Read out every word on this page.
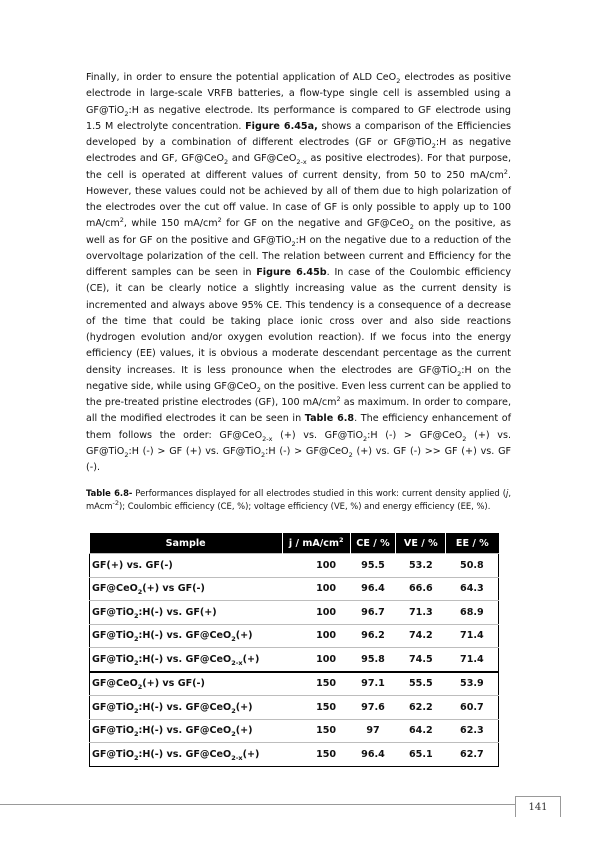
Finally, in order to ensure the potential application of ALD CeO$_2$ electrodes as positive electrode in large-scale VRFB batteries, a flow-type single cell is assembled using a GF@TiO$_2$:H as negative electrode. Its performance is compared to GF electrode using 1.5 M electrolyte concentration. Figure 6.45a, shows a comparison of the Efficiencies developed by a combination of different electrodes (GF or GF@TiO$_2$:H as negative electrodes and GF, GF@CeO$_2$ and GF@CeO$_{2-x}$ as positive electrodes). For that purpose, the cell is operated at different values of current density, from 50 to 250 $mA/cm^2$. However, these values could not be achieved by all of them due to high polarization of the electrodes over the cut off value. In case of GF is only possible to apply up to 100 $mA/cm^2$, while 150 $mA/cm^2$ for GF on the negative and GF@CeO$_2$ on the positive, as well as for GF on the positive and GF@TiO$_2$:H on the negative due to a reduction of the overvoltage polarization of the cell. The relation between current and Efficiency for the different samples can be seen in Figure 6.45b. In case of the Coulombic efficiency (CE), it can be clearly notice a slightly increasing value as the current density is incremented and always above 95% CE. This tendency is a consequence of a decrease of the time that could be taking place ionic cross over and also side reactions (hydrogen evolution and/or oxygen evolution reaction). If we focus into the energy efficiency (EE) values, it is obvious a moderate descendant percentage as the current density increases. It is less pronounce when the electrodes are GF@TiO$_2$:H on the negative side, while using GF@CeO$_2$ on the positive. Even less current can be applied to the pre-treated pristine electrodes (GF), 100 $mA/cm^2$ as maximum. In order to compare, all the modified electrodes it can be seen in Table 6.8. The efficiency enhancement of them follows the order: GF@CeO$_{2-x}$ (+) vs. GF@TiO$_2$:H (-) > GF@CeO$_2$ (+) vs. GF@TiO$_2$:H (-) > GF (+) vs. GF@TiO$_2$:H (-) > GF@CeO$_2$ (+) vs. GF (-) >> GF (+) vs. GF (-).
Table 6.8- Performances displayed for all electrodes studied in this work: current density applied (j, mAcm$^{-2}$); Coulombic efficiency (CE, %); voltage efficiency (VE, %) and energy efficiency (EE, %).
Sample	j / $mA/cm^2$	CE / %	VE / %	EE / %
GF(+) vs. GF(-)	100	95.5	53.2	50.8
GF@CeO$_2$(+) vs GF(-)	100	96.4	66.6	64.3
GF@TiO$_2$:H(-) vs. GF(+)	100	96.7	71.3	68.9
GF@TiO$_2$:H(-) vs. GF@CeO$_2$(+)	100	96.2	74.2	71.4
GF@TiO$_2$:H(-) vs. GF@CeO$_{2-x}$(+)	100	95.8	74.5	71.4
GF@CeO$_2$(+) vs GF(-)	150	97.1	55.5	53.9
GF@TiO$_2$:H(-) vs. GF@CeO$_2$(+)	150	97.6	62.2	60.7
GF@TiO$_2$:H(-) vs. GF@CeO$_2$(+)	150	97	64.2	62.3
GF@TiO$_2$:H(-) vs. GF@CeO$_{2-x}$(+)	150	96.4	65.1	62.7
141
